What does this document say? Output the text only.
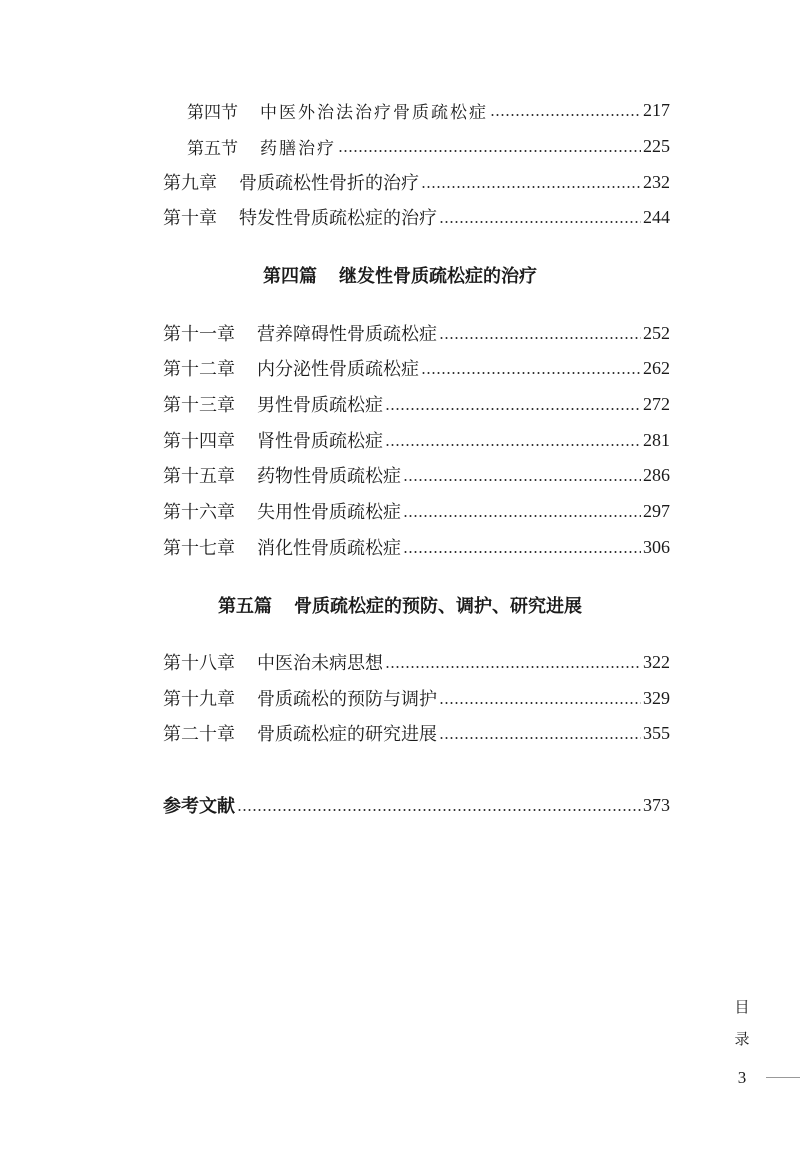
第四节 中医外治法治疗骨质疏松症	217
第五节 药膳治疗	225
第九章 骨质疏松性骨折的治疗	232
第十章 特发性骨质疏松症的治疗	244
第四篇 继发性骨质疏松症的治疗
第十一章 营养障碍性骨质疏松症	252
第十二章 内分泌性骨质疏松症	262
第十三章 男性骨质疏松症	272
第十四章 肾性骨质疏松症	281
第十五章 药物性骨质疏松症	286
第十六章 失用性骨质疏松症	297
第十七章 消化性骨质疏松症	306
第五篇 骨质疏松症的预防、调护、研究进展
第十八章 中医治未病思想	322
第十九章 骨质疏松的预防与调护	329
第二十章 骨质疏松症的研究进展	355
参考文献	373
目
录
3
